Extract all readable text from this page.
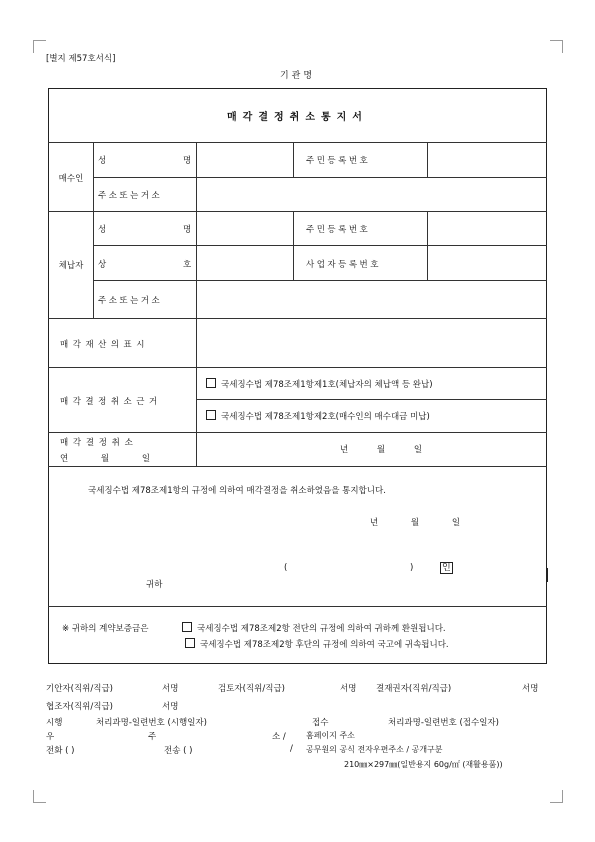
[별지 제57호서식]
기관명
매각결정취소통지서
매수인
성	명	주민등록번호
주소또는거소
체납자
성	명	주민등록번호
상	호	사업자등록번호
주소또는거소
매각재산의표시
매각결정취소근거
국세징수법 제78조제1항제1호(체납자의 체납액 등 완납)
국세징수법 제78조제1항제2호(매수인의 매수대금 미납)
매 각 결 정 취 소
연 월 일
년 월 일
국세징수법 제78조제1항의 규정에 의하여 매각결정을 취소하였음을 통지합니다.
년 월 일
(	)	인
귀하
※ 귀하의 계약보증금은	국세징수법 제78조제2항 전단의 규정에 의하여 귀하께 환원됩니다.
국세징수법 제78조제2항 후단의 규정에 의하여 국고에 귀속됩니다.
기안자(직위/직급)	서명	검토자(직위/직급)	서명 결재권자(직위/직급)	서명
협조자(직위/직급)	서명
시행	처리과명-일련번호 (시행일자)	접수	처리과명-일련번호 (접수일자)
우	주	소 /	홈페이지 주소
전화 ( )	전송 ( )	/ 공무원의 공식 전자우편주소 / 공개구분
210㎜×297㎜(일반용지 60g/㎡ (재활용품))
